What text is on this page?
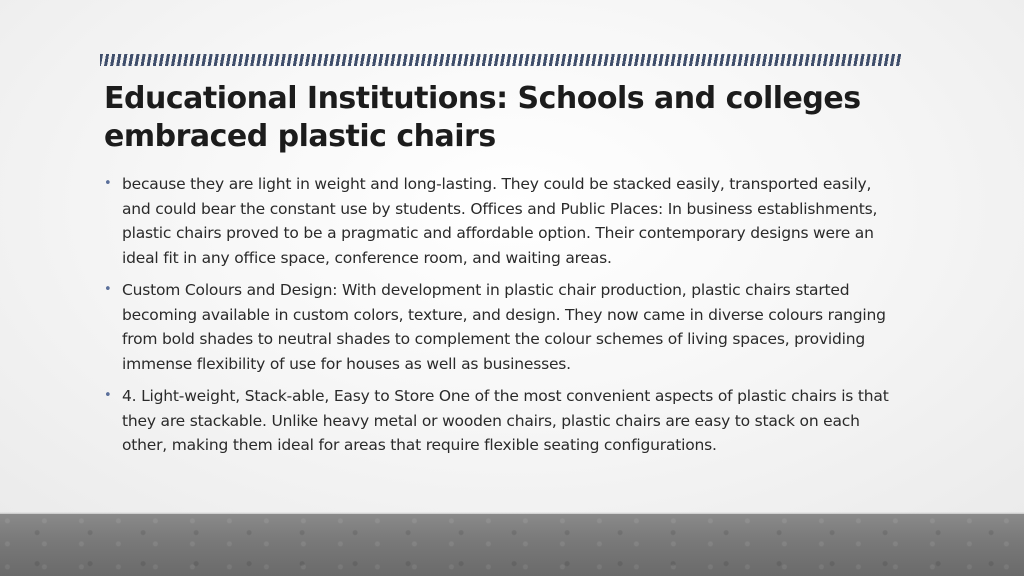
Educational Institutions: Schools and colleges embraced plastic chairs
• because they are light in weight and long-lasting. They could be stacked easily, transported easily, and could bear the constant use by students. Offices and Public Places: In business establishments, plastic chairs proved to be a pragmatic and affordable option. Their contemporary designs were an ideal fit in any office space, conference room, and waiting areas.
• Custom Colours and Design: With development in plastic chair production, plastic chairs started becoming available in custom colors, texture, and design. They now came in diverse colours ranging from bold shades to neutral shades to complement the colour schemes of living spaces, providing immense flexibility of use for houses as well as businesses.
• 4. Light-weight, Stack-able, Easy to Store One of the most convenient aspects of plastic chairs is that they are stackable. Unlike heavy metal or wooden chairs, plastic chairs are easy to stack on each other, making them ideal for areas that require flexible seating configurations.
